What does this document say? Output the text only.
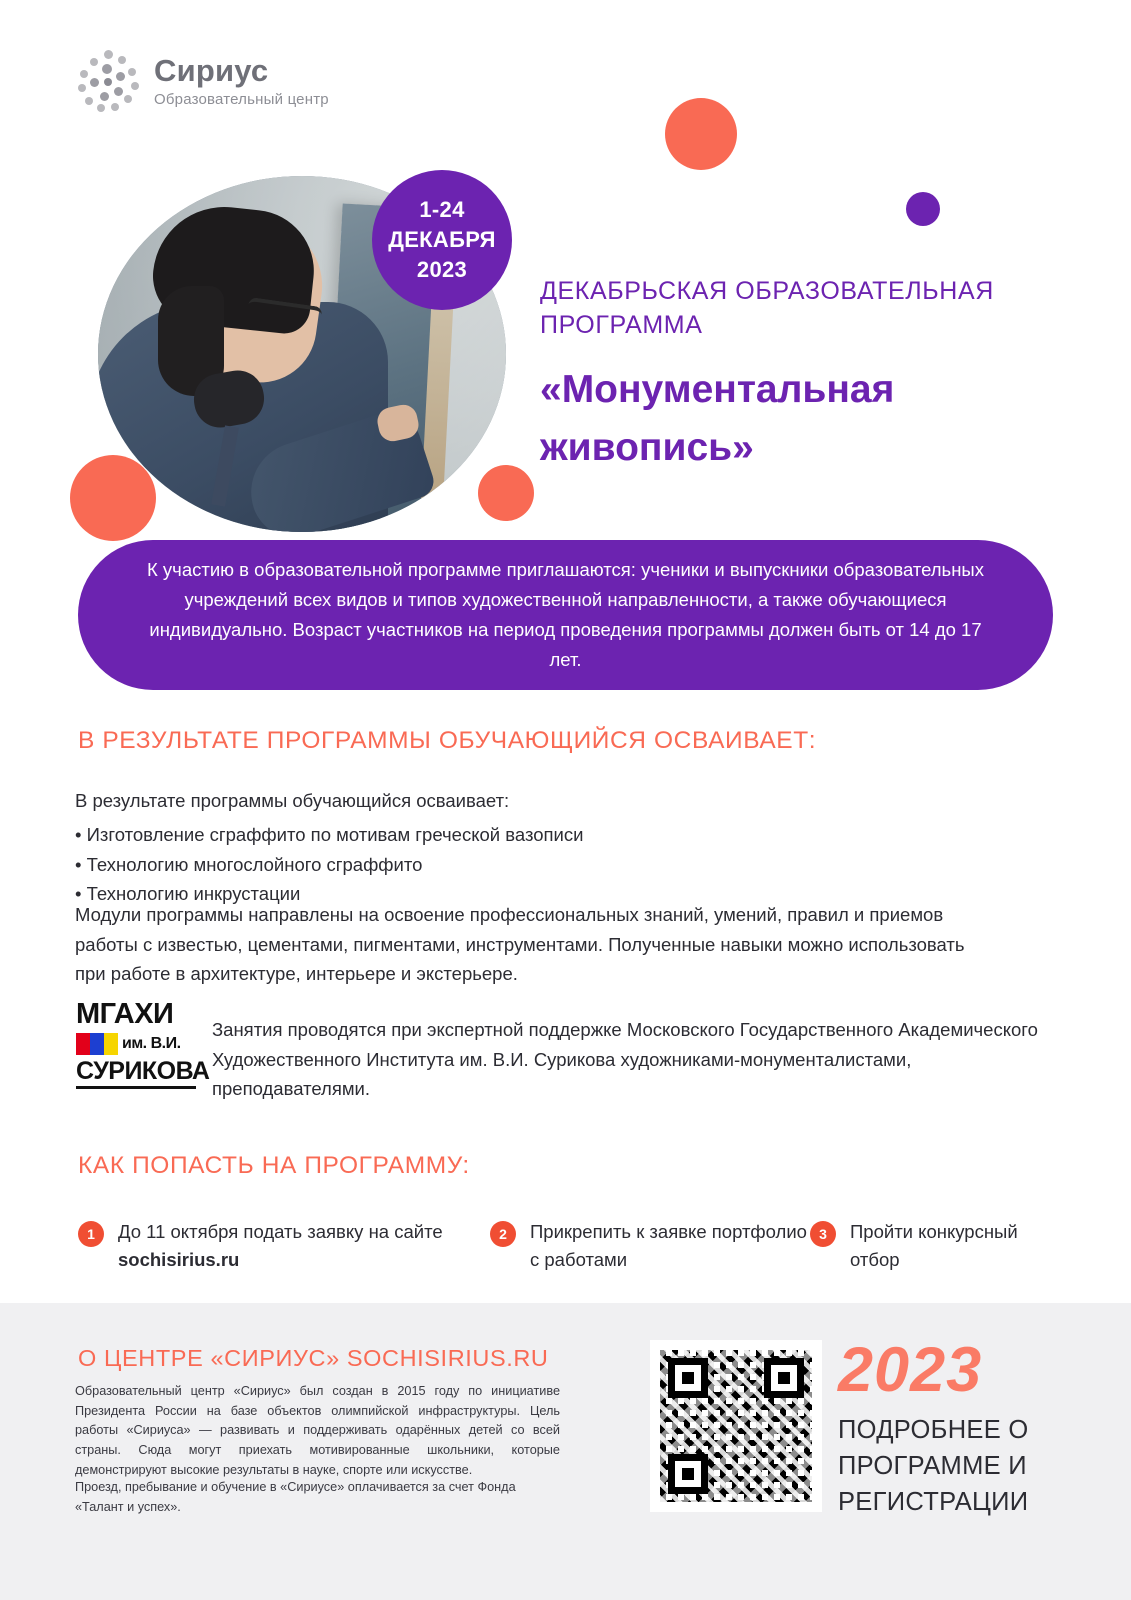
Сириус
Образовательный центр
1-24
ДЕКАБРЯ
2023
ДЕКАБРЬСКАЯ ОБРАЗОВАТЕЛЬНАЯ ПРОГРАММА
«Монументальная живопись»
К участию в образовательной программе приглашаются: ученики и выпускники образовательных учреждений всех видов и типов художественной направленности, а также обучающиеся индивидуально. Возраст участников на период проведения программы должен быть от 14 до 17 лет.
В РЕЗУЛЬТАТЕ ПРОГРАММЫ ОБУЧАЮЩИЙСЯ ОСВАИВАЕТ:
В результате программы обучающийся осваивает:
• Изготовление сграффито по мотивам греческой вазописи
• Технологию многослойного сграффито
• Технологию инкрустации
Модули программы направлены на освоение профессиональных знаний, умений, правил и приемов работы с известью, цементами, пигментами, инструментами. Полученные навыки можно использовать при работе в архитектуре, интерьере и экстерьере.
МГАХИ
им. В.И.
СУРИКОВА
Занятия проводятся при экспертной поддержке Московского Государственного Академического Художественного Института им. В.И. Сурикова художниками-монументалистами, преподавателями.
КАК ПОПАСТЬ НА ПРОГРАММУ:
1	До 11 октября подать заявку на сайте sochisirius.ru
2	Прикрепить к заявке портфолио с работами
3	Пройти конкурсный отбор
О ЦЕНТРЕ «СИРИУС» SOCHISIRIUS.RU
Образовательный центр «Сириус» был создан в 2015 году по инициативе Президента России на базе объектов олимпийской инфраструктуры. Цель работы «Сириуса» — развивать и поддерживать одарённых детей со всей страны. Сюда могут приехать мотивированные школьники, которые демонстрируют высокие результаты в науке, спорте или искусстве.
Проезд, пребывание и обучение в «Сириусе» оплачивается за счет Фонда «Талант и успех».
2023
ПОДРОБНЕЕ О ПРОГРАММЕ И РЕГИСТРАЦИИ
